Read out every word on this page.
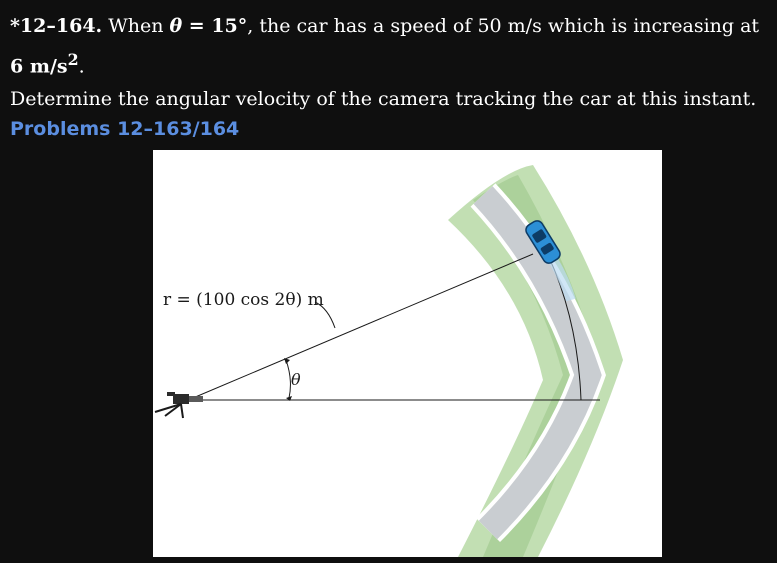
*12–164. When θ = 15°, the car has a speed of 50 m/s which is increasing at 6 $m/s^2$.
Determine the angular velocity of the camera tracking the car at this instant.
Problems 12–163/164
r = (100 cos 2θ) m
θ
